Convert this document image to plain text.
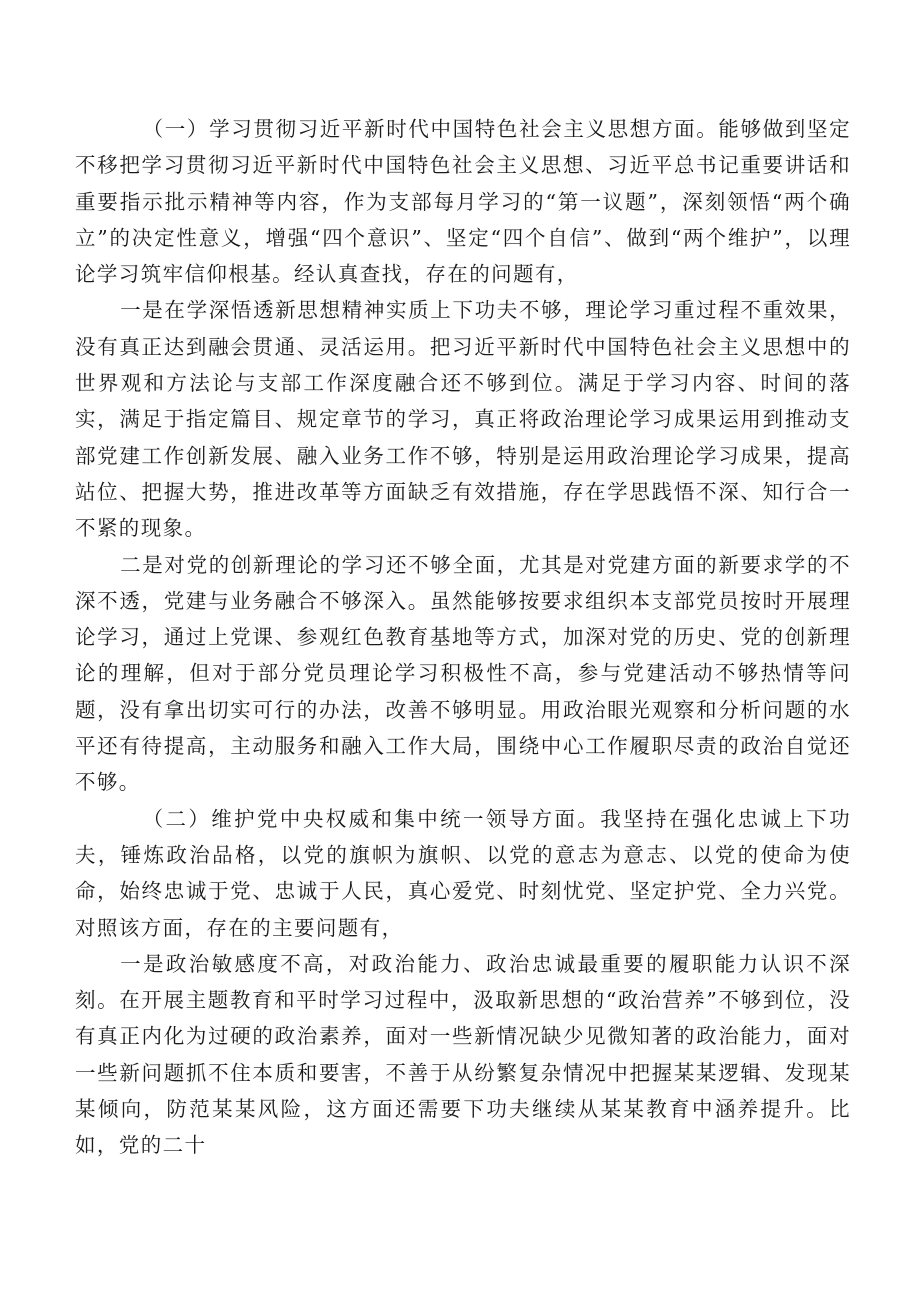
（一）学习贯彻习近平新时代中国特色社会主义思想方面。能够做到坚定不移把学习贯彻习近平新时代中国特色社会主义思想、习近平总书记重要讲话和重要指示批示精神等内容，作为支部每月学习的“第一议题”，深刻领悟“两个确立”的决定性意义，增强“四个意识”、坚定“四个自信”、做到“两个维护”，以理论学习筑牢信仰根基。经认真查找，存在的问题有，

一是在学深悟透新思想精神实质上下功夫不够，理论学习重过程不重效果，没有真正达到融会贯通、灵活运用。把习近平新时代中国特色社会主义思想中的世界观和方法论与支部工作深度融合还不够到位。满足于学习内容、时间的落实，满足于指定篇目、规定章节的学习，真正将政治理论学习成果运用到推动支部党建工作创新发展、融入业务工作不够，特别是运用政治理论学习成果，提高站位、把握大势，推进改革等方面缺乏有效措施，存在学思践悟不深、知行合一不紧的现象。

二是对党的创新理论的学习还不够全面，尤其是对党建方面的新要求学的不深不透，党建与业务融合不够深入。虽然能够按要求组织本支部党员按时开展理论学习，通过上党课、参观红色教育基地等方式，加深对党的历史、党的创新理论的理解，但对于部分党员理论学习积极性不高，参与党建活动不够热情等问题，没有拿出切实可行的办法，改善不够明显。用政治眼光观察和分析问题的水平还有待提高，主动服务和融入工作大局，围绕中心工作履职尽责的政治自觉还不够。

（二）维护党中央权威和集中统一领导方面。我坚持在强化忠诚上下功夫，锤炼政治品格，以党的旗帜为旗帜、以党的意志为意志、以党的使命为使命，始终忠诚于党、忠诚于人民，真心爱党、时刻忧党、坚定护党、全力兴党。对照该方面，存在的主要问题有，

一是政治敏感度不高，对政治能力、政治忠诚最重要的履职能力认识不深刻。在开展主题教育和平时学习过程中，汲取新思想的“政治营养”不够到位，没有真正内化为过硬的政治素养，面对一些新情况缺少见微知著的政治能力，面对一些新问题抓不住本质和要害，不善于从纷繁复杂情况中把握某某逻辑、发现某某倾向，防范某某风险，这方面还需要下功夫继续从某某教育中涵养提升。比如，党的二十
